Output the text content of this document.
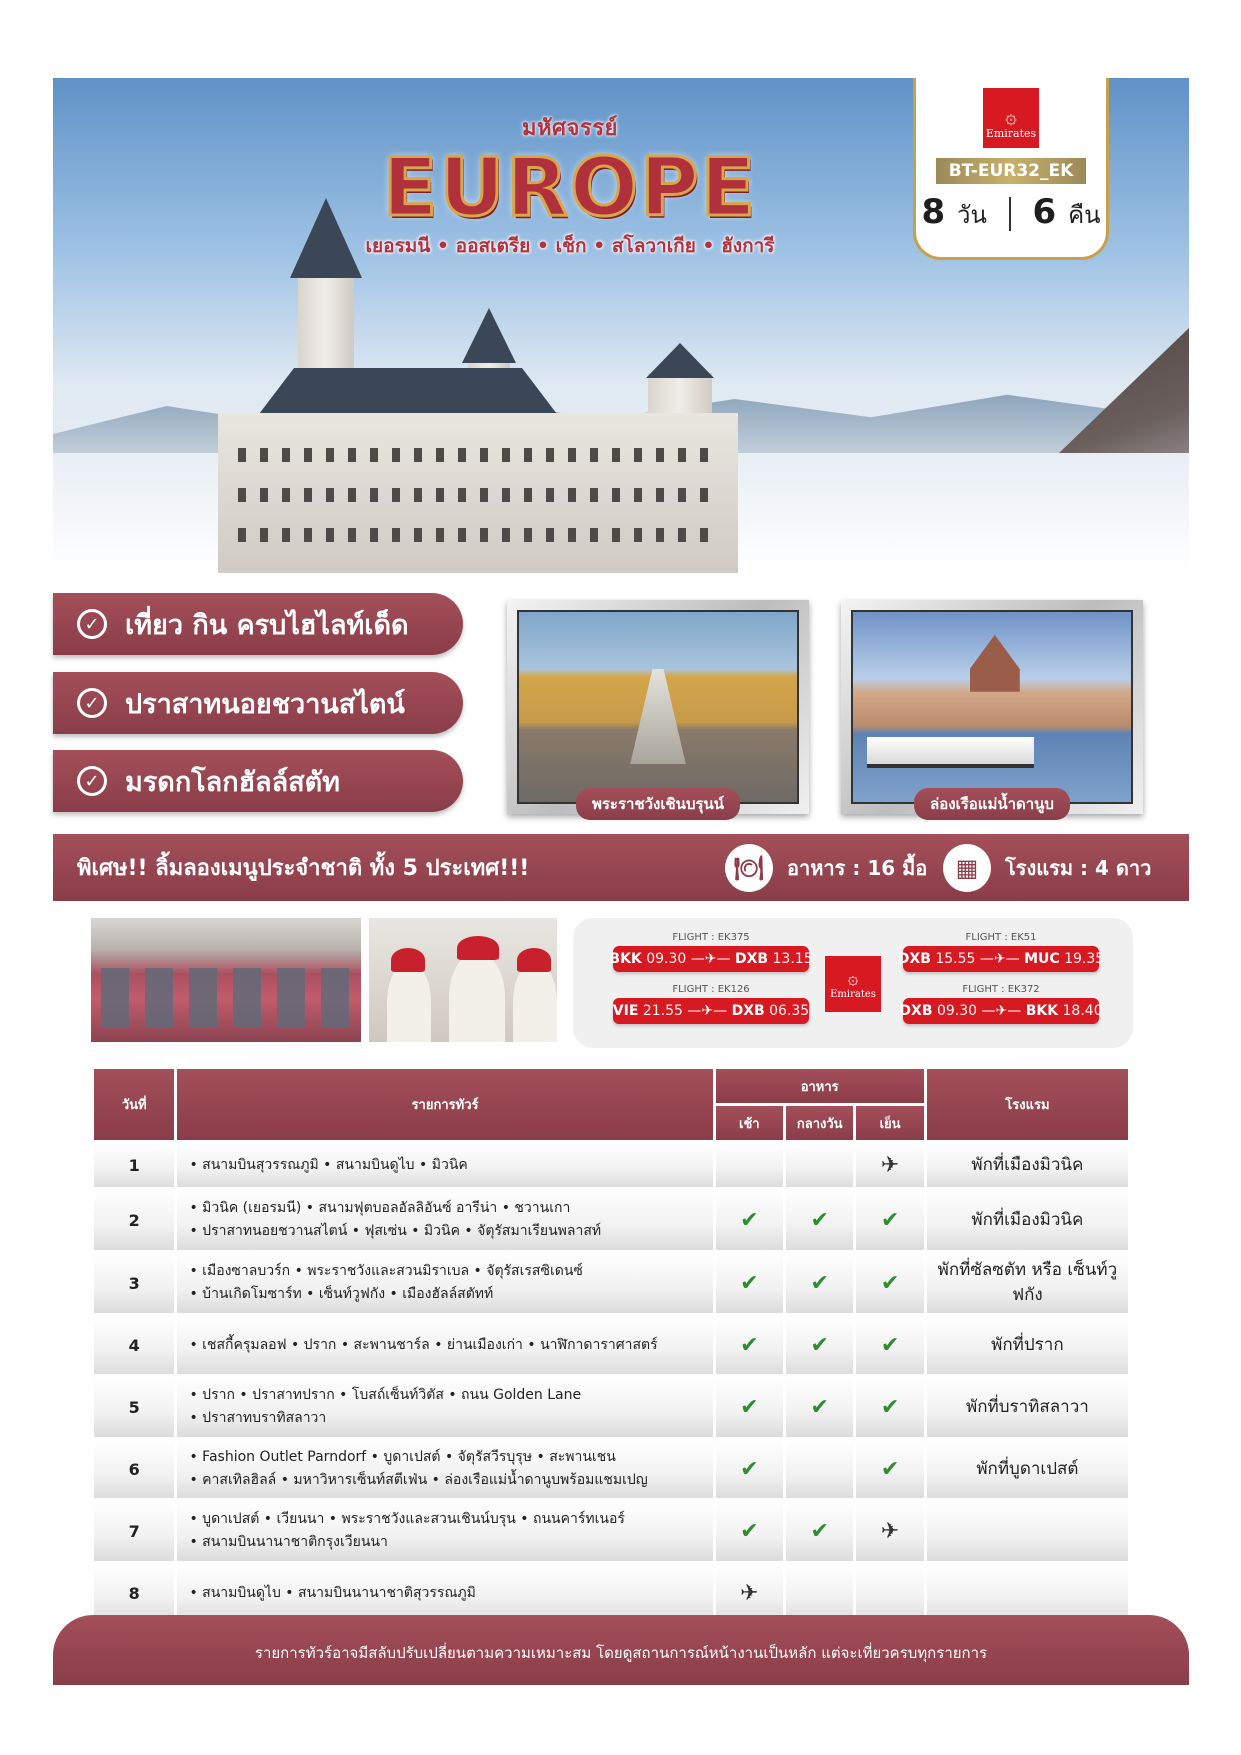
มหัศจรรย์
EUROPE
เยอรมนี • ออสเตรีย • เช็ก • สโลวาเกีย • ฮังการี
۞
Emirates
BT-EUR32_EK
8 วัน 6 คืน
✓ เที่ยว กิน ครบไฮไลท์เด็ด
✓ ปราสาทนอยชวานสไตน์
✓ มรดกโลกฮัลล์สตัท
พระราชวังเชินบรุนน์	ล่องเรือแม่น้ำดานูบ
พิเศษ!! ลิ้มลองเมนูประจำชาติ ทั้ง 5 ประเทศ!!!	🍽	อาหาร : 16 มื้อ	▦	โรงแรม : 4 ดาว
FLIGHT : EK375
BKK
09.30
—✈—
DXB
13.15
FLIGHT : EK51
DXB
15.55
—✈—
MUC
19.35
۞
Emirates
FLIGHT : EK126
VIE
21.55
—✈—
DXB
06.35
FLIGHT : EK372
DXB
09.30
—✈—
BKK
18.40
วันที่	รายการทัวร์	อาหาร			โรงแรม
		เช้า	กลางวัน	เย็น	
1	• สนามบินสุวรรณภูมิ • สนามบินดูไบ • มิวนิค			✈	พักที่เมืองมิวนิค
2	• มิวนิค (เยอรมนี) • สนามฟุตบอลอัลลิอันซ์ อารีน่า • ชวานเกา
• ปราสาทนอยชวานสไตน์ • ฟุสเซ่น • มิวนิค • จัตุรัสมาเรียนพลาสท์	✔	✔	✔	พักที่เมืองมิวนิค
3	• เมืองซาลบวร์ก • พระราชวังและสวนมิราเบล • จัตุรัสเรสซิเดนซ์
• บ้านเกิดโมซาร์ท • เซ็นท์วูฟกัง • เมืองฮัลล์สตัทท์	✔	✔	✔	พักที่ซัลซตัท หรือ เซ็นท์วูฟกัง
4	• เชสกี้ครุมลอฟ • ปราก • สะพานชาร์ล • ย่านเมืองเก่า • นาฬิกาดาราศาสตร์	✔	✔	✔	พักที่ปราก
5	• ปราก • ปราสาทปราก • โบสถ์เซ็นท์วิตัส • ถนน Golden Lane
• ปราสาทบราทิสลาวา	✔	✔	✔	พักที่บราทิสลาวา
6	• Fashion Outlet Parndorf • บูดาเปสต์ • จัตุรัสวีรบุรุษ • สะพานเชน
• คาสเทิลฮิลล์ • มหาวิหารเซ็นท์สตีเฟ่น • ล่องเรือแม่น้ำดานูบพร้อมแชมเปญ	✔		✔	พักที่บูดาเปสต์
7	• บูดาเปสต์ • เวียนนา • พระราชวังและสวนเชินน์บรุน • ถนนคาร์ทเนอร์
• สนามบินนานาชาติกรุงเวียนนา	✔	✔	✈	
8	• สนามบินดูไบ • สนามบินนานาชาติสุวรรณภูมิ	✈			
รายการทัวร์อาจมีสลับปรับเปลี่ยนตามความเหมาะสม โดยดูสถานการณ์หน้างานเป็นหลัก แต่จะเที่ยวครบทุกรายการ
